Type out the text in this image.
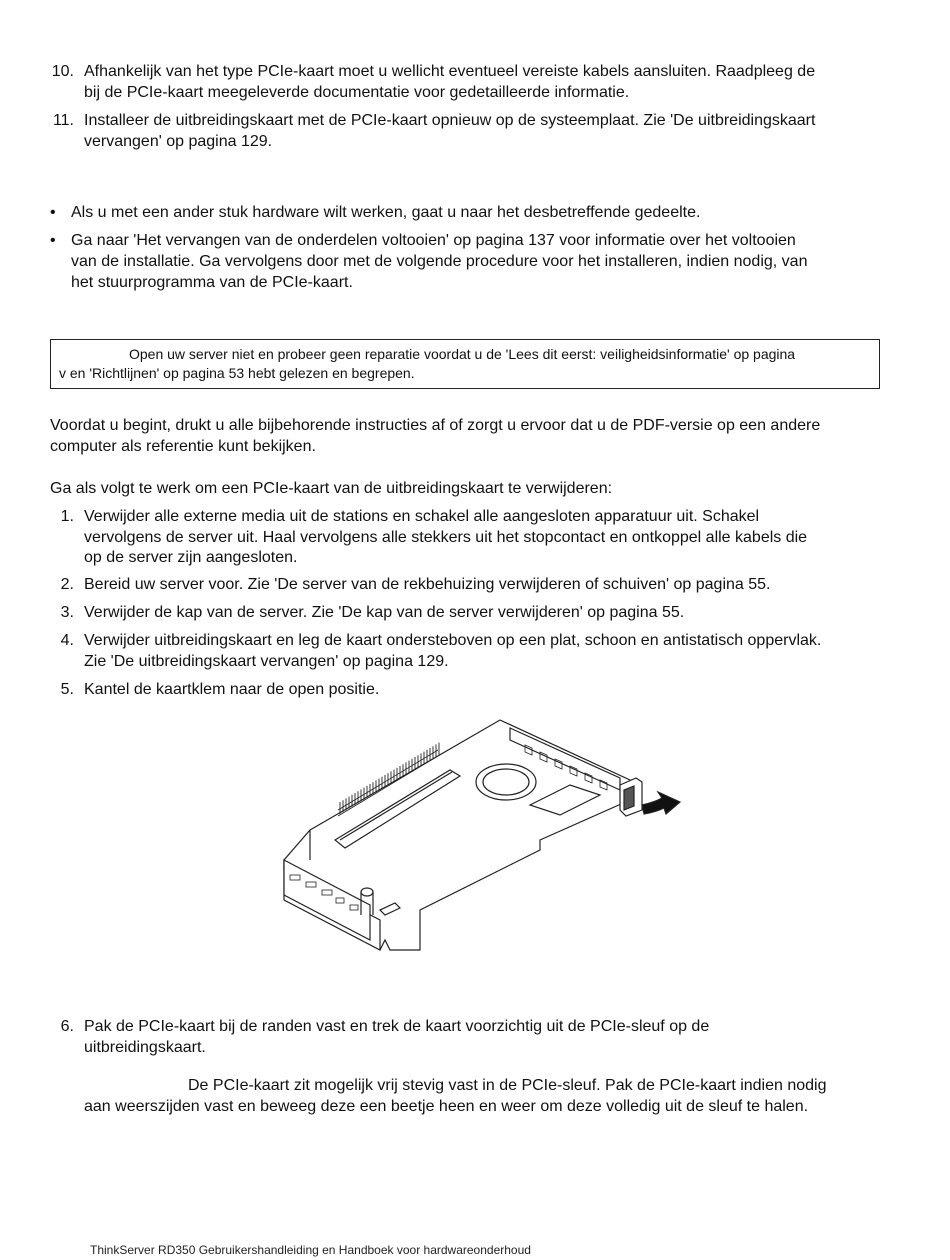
10. Afhankelijk van het type PCIe-kaart moet u wellicht eventueel vereiste kabels aansluiten. Raadpleeg de
bij de PCIe-kaart meegeleverde documentatie voor gedetailleerde informatie.
11. Installeer de uitbreidingskaart met de PCIe-kaart opnieuw op de systeemplaat. Zie 'De uitbreidingskaart
vervangen' op pagina 129.
• Als u met een ander stuk hardware wilt werken, gaat u naar het desbetreffende gedeelte.
• Ga naar 'Het vervangen van de onderdelen voltooien' op pagina 137 voor informatie over het voltooien
van de installatie. Ga vervolgens door met de volgende procedure voor het installeren, indien nodig, van
het stuurprogramma van de PCIe-kaart.
Open uw server niet en probeer geen reparatie voordat u de 'Lees dit eerst: veiligheidsinformatie' op pagina
v en 'Richtlijnen' op pagina 53 hebt gelezen en begrepen.
Voordat u begint, drukt u alle bijbehorende instructies af of zorgt u ervoor dat u de PDF-versie op een andere
computer als referentie kunt bekijken.
Ga als volgt te werk om een PCIe-kaart van de uitbreidingskaart te verwijderen:
1. Verwijder alle externe media uit de stations en schakel alle aangesloten apparatuur uit. Schakel
vervolgens de server uit. Haal vervolgens alle stekkers uit het stopcontact en ontkoppel alle kabels die
op de server zijn aangesloten.
2. Bereid uw server voor. Zie 'De server van de rekbehuizing verwijderen of schuiven' op pagina 55.
3. Verwijder de kap van de server. Zie 'De kap van de server verwijderen' op pagina 55.
4. Verwijder uitbreidingskaart en leg de kaart ondersteboven op een plat, schoon en antistatisch oppervlak.
Zie 'De uitbreidingskaart vervangen' op pagina 129.
5. Kantel de kaartklem naar de open positie.
6. Pak de PCIe-kaart bij de randen vast en trek de kaart voorzichtig uit de PCIe-sleuf op de
uitbreidingskaart.
De PCIe-kaart zit mogelijk vrij stevig vast in de PCIe-sleuf. Pak de PCIe-kaart indien nodig
aan weerszijden vast en beweeg deze een beetje heen en weer om deze volledig uit de sleuf te halen.
ThinkServer RD350 Gebruikershandleiding en Handboek voor hardwareonderhoud
